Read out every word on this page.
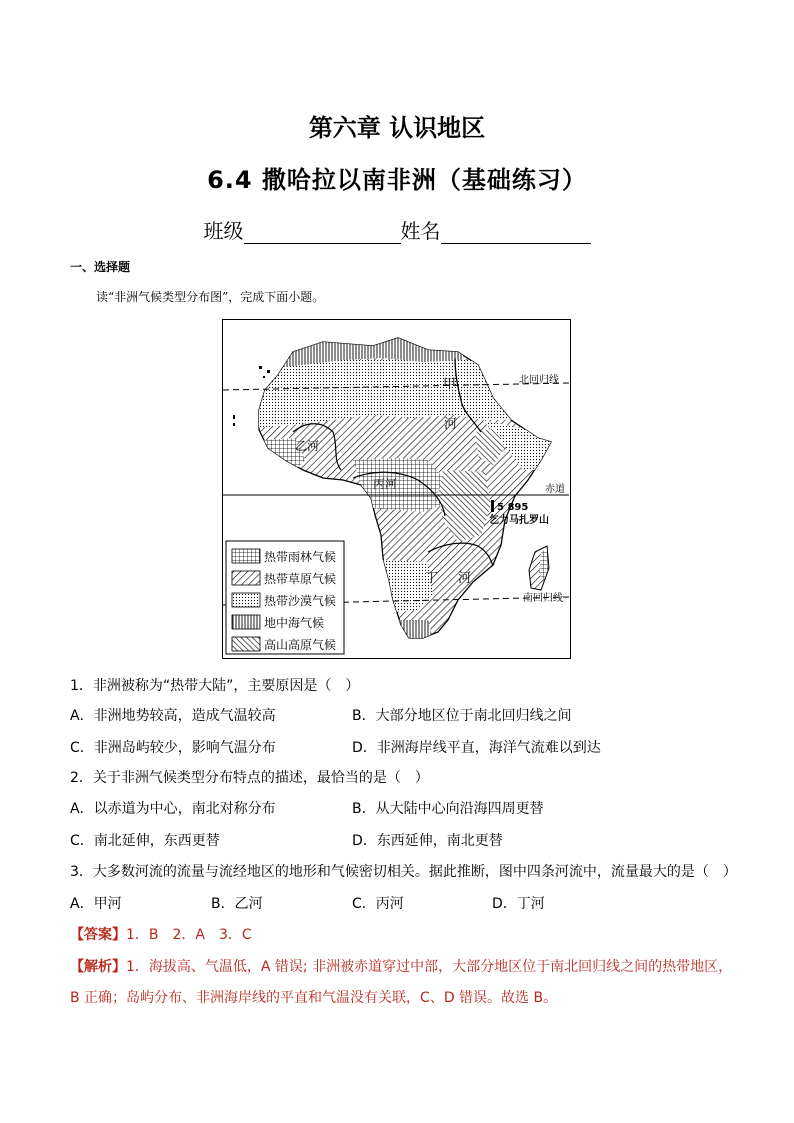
第六章 认识地区
6.4 撒哈拉以南非洲（基础练习）
班级	姓名
一、选择题
读“非洲气候类型分布图”，完成下面小题。
甲
河
北回归线
乙河
丙河	赤道
5 895
乞力马扎罗山
丁 河
南回归线
热带雨林气候
热带草原气候
热带沙漠气候
地中海气候
高山高原气候
1．非洲被称为“热带大陆”，主要原因是（　）
A．非洲地势较高，造成气温较高	B．大部分地区位于南北回归线之间
C．非洲岛屿较少，影响气温分布	D．非洲海岸线平直，海洋气流难以到达
2．关于非洲气候类型分布特点的描述，最恰当的是（　）
A．以赤道为中心，南北对称分布	B．从大陆中心向沿海四周更替
C．南北延伸，东西更替	D．东西延伸，南北更替
3．大多数河流的流量与流经地区的地形和气候密切相关。据此推断，图中四条河流中，流量最大的是（　）
A．甲河	B．乙河	C．丙河	D．丁河
【答案】1．B　2．A　3．C
【解析】1．海拔高、气温低，A 错误; 非洲被赤道穿过中部，大部分地区位于南北回归线之间的热带地区，
B 正确；岛屿分布、非洲海岸线的平直和气温没有关联，C、D 错误。故选 B。
